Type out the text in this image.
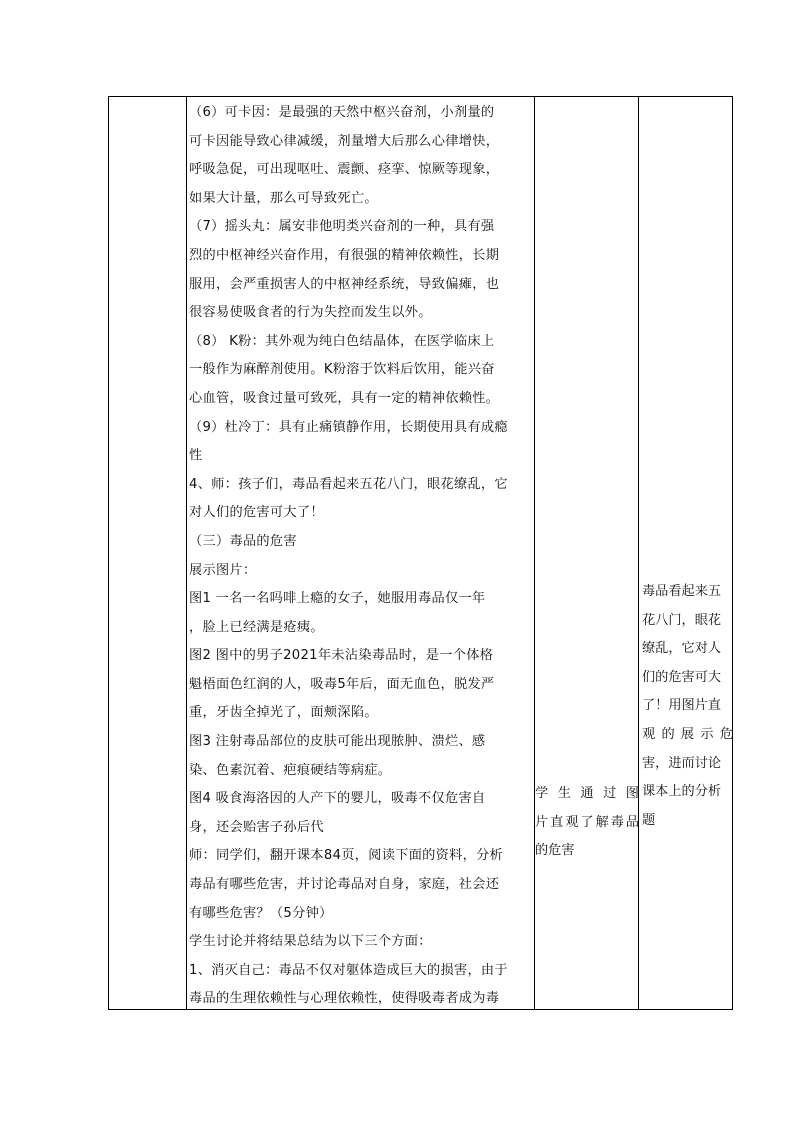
（6）可卡因：是最强的天然中枢兴奋剂，小剂量的

可卡因能导致心律减缓，剂量增大后那么心律增快，

呼吸急促，可出现呕吐、震颤、痉挛、惊厥等现象，

如果大计量，那么可导致死亡。

（7）摇头丸：属安非他明类兴奋剂的一种，具有强

烈的中枢神经兴奋作用，有很强的精神依赖性，长期

服用，会严重损害人的中枢神经系统，导致偏瘫，也

很容易使吸食者的行为失控而发生以外。

（8） K粉：其外观为纯白色结晶体，在医学临床上

一般作为麻醉剂使用。K粉溶于饮料后饮用，能兴奋

心血管，吸食过量可致死，具有一定的精神依赖性。

（9）杜冷丁：具有止痛镇静作用，长期使用具有成瘾

性

4、师：孩子们，毒品看起来五花八门，眼花缭乱，它

对人们的危害可大了！

（三）毒品的危害

展示图片：

图1 一名一名吗啡上瘾的女子，她服用毒品仅一年

，脸上已经满是疮痍。

图2 图中的男子2021年未沾染毒品时，是一个体格

魁梧面色红润的人，吸毒5年后，面无血色，脱发严

重，牙齿全掉光了，面颊深陷。

图3 注射毒品部位的皮肤可能出现脓肿、溃烂、感

染、色素沉着、疤痕硬结等病症。

图4 吸食海洛因的人产下的婴儿，吸毒不仅危害自

身，还会贻害子孙后代

师：同学们，翻开课本84页，阅读下面的资料，分析

毒品有哪些危害，并讨论毒品对自身，家庭，社会还

有哪些危害？（5分钟）

学生讨论并将结果总结为以下三个方面：

1、消灭自己：毒品不仅对躯体造成巨大的损害，由于

毒品的生理依赖性与心理依赖性，使得吸毒者成为毒

学生通过图

片直观了解毒品

的危害

毒品看起来五

花八门，眼花

缭乱，它对人

们的危害可大

了！用图片直

观的展示危

害，进而讨论

课本上的分析

题
